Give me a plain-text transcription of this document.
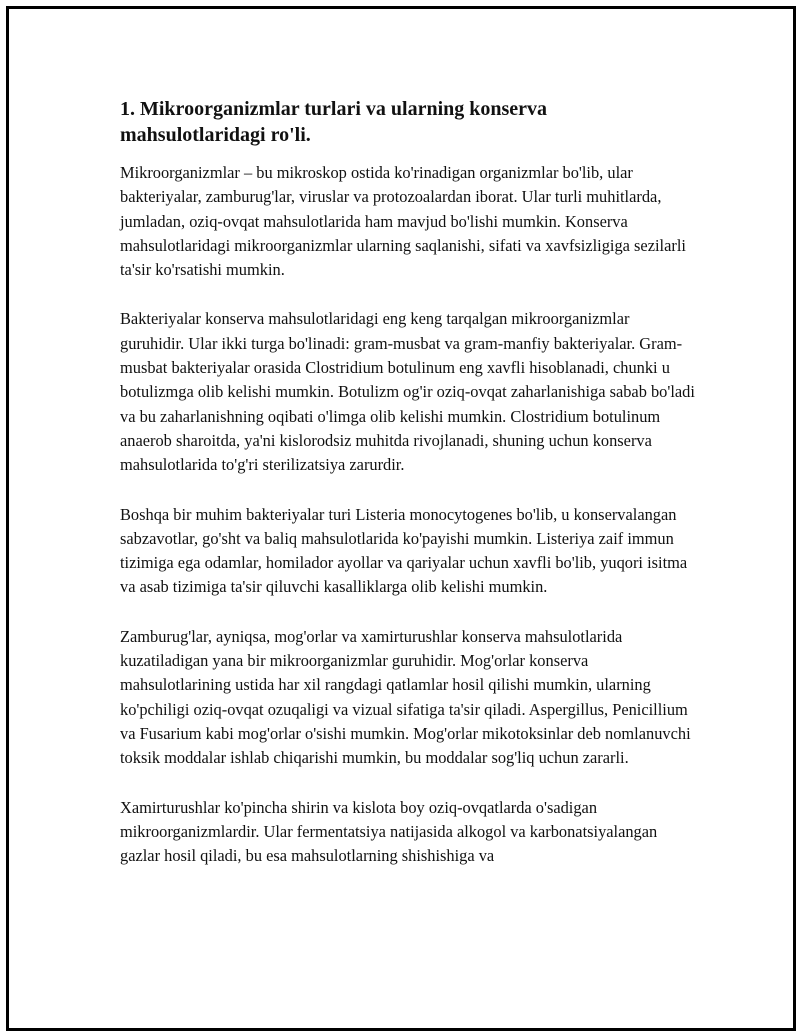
1. Mikroorganizmlar turlari va ularning konserva
mahsulotlaridagi ro'li.

Mikroorganizmlar – bu mikroskop ostida ko'rinadigan organizmlar bo'lib, ular bakteriyalar, zamburug'lar, viruslar va protozoalardan iborat. Ular turli muhitlarda, jumladan, oziq-ovqat mahsulotlarida ham mavjud bo'lishi mumkin. Konserva mahsulotlaridagi mikroorganizmlar ularning saqlanishi, sifati va xavfsizligiga sezilarli ta'sir ko'rsatishi mumkin.

Bakteriyalar konserva mahsulotlaridagi eng keng tarqalgan mikroorganizmlar guruhidir. Ular ikki turga bo'linadi: gram-musbat va gram-manfiy bakteriyalar. Gram-musbat bakteriyalar orasida Clostridium botulinum eng xavfli hisoblanadi, chunki u botulizmga olib kelishi mumkin. Botulizm og'ir oziq-ovqat zaharlanishiga sabab bo'ladi va bu zaharlanishning oqibati o'limga olib kelishi mumkin. Clostridium botulinum anaerob sharoitda, ya'ni kislorodsiz muhitda rivojlanadi, shuning uchun konserva mahsulotlarida to'g'ri sterilizatsiya zarurdir.

Boshqa bir muhim bakteriyalar turi Listeria monocytogenes bo'lib, u konservalangan sabzavotlar, go'sht va baliq mahsulotlarida ko'payishi mumkin. Listeriya zaif immun tizimiga ega odamlar, homilador ayollar va qariyalar uchun xavfli bo'lib, yuqori isitma va asab tizimiga ta'sir qiluvchi kasalliklarga olib kelishi mumkin.

Zamburug'lar, ayniqsa, mog'orlar va xamirturushlar konserva mahsulotlarida kuzatiladigan yana bir mikroorganizmlar guruhidir. Mog'orlar konserva mahsulotlarining ustida har xil rangdagi qatlamlar hosil qilishi mumkin, ularning ko'pchiligi oziq-ovqat ozuqaligi va vizual sifatiga ta'sir qiladi. Aspergillus, Penicillium va Fusarium kabi mog'orlar o'sishi mumkin. Mog'orlar mikotoksinlar deb nomlanuvchi toksik moddalar ishlab chiqarishi mumkin, bu moddalar sog'liq uchun zararli.

Xamirturushlar ko'pincha shirin va kislota boy oziq-ovqatlarda o'sadigan mikroorganizmlardir. Ular fermentatsiya natijasida alkogol va karbonatsiyalangan gazlar hosil qiladi, bu esa mahsulotlarning shishishiga va
